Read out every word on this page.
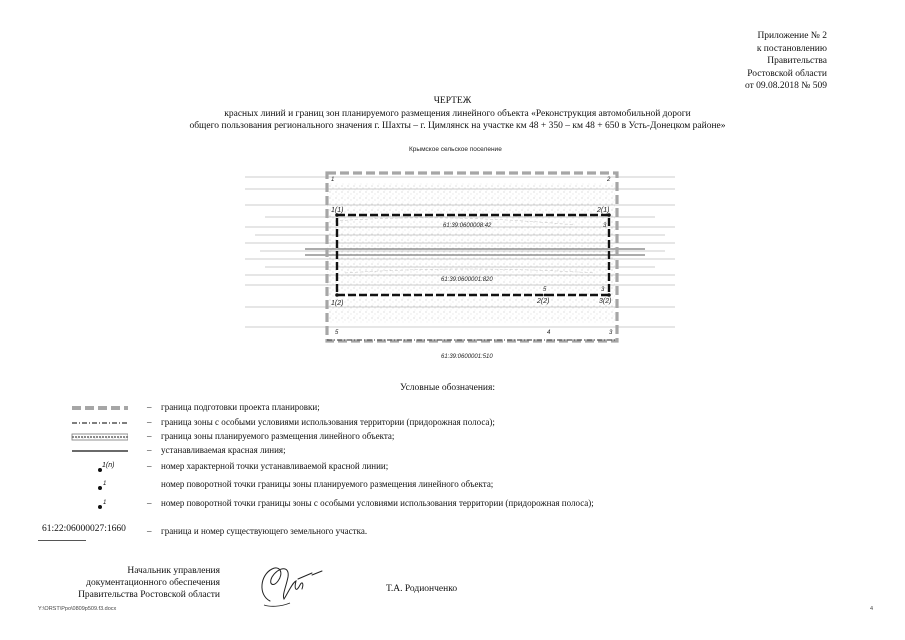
Приложение № 2
к постановлению
Правительства
Ростовской области
от 09.08.2018 № 509
ЧЕРТЕЖ
красных линий и границ зон планируемого размещения линейного объекта «Реконструкция автомобильной дороги
общего пользования регионального значения г. Шахты – г. Цимлянск на участке км 48 + 350 – км 48 + 650 в Усть-Донецком районе»
Крымское сельское поселение
61:39:0600008:42
61:39:0600001:820
61:39:0600001:510
1	2
1(1)	2(1)
3
1(2)	2(2)	3(2)
3
5
5	4	3
Условные обозначения:
– граница подготовки проекта планировки;
– граница зоны с особыми условиями использования территории (придорожная полоса);
– граница зоны планируемого размещения линейного объекта;
– устанавливаемая красная линия;
1(n)	– номер характерной точки устанавливаемой красной линии;
1	номер поворотной точки границы зоны планируемого размещения линейного объекта;
1	– номер поворотной точки границы зоны с особыми условиями использования территории (придорожная полоса);
61:22:06000027:1660 – граница и номер существующего земельного участка.
Начальник управления
документационного обеспечения
Правительства Ростовской области
Т.А. Родионченко
Y:\ORST\Ppo\0809p509.f3.docx	4
